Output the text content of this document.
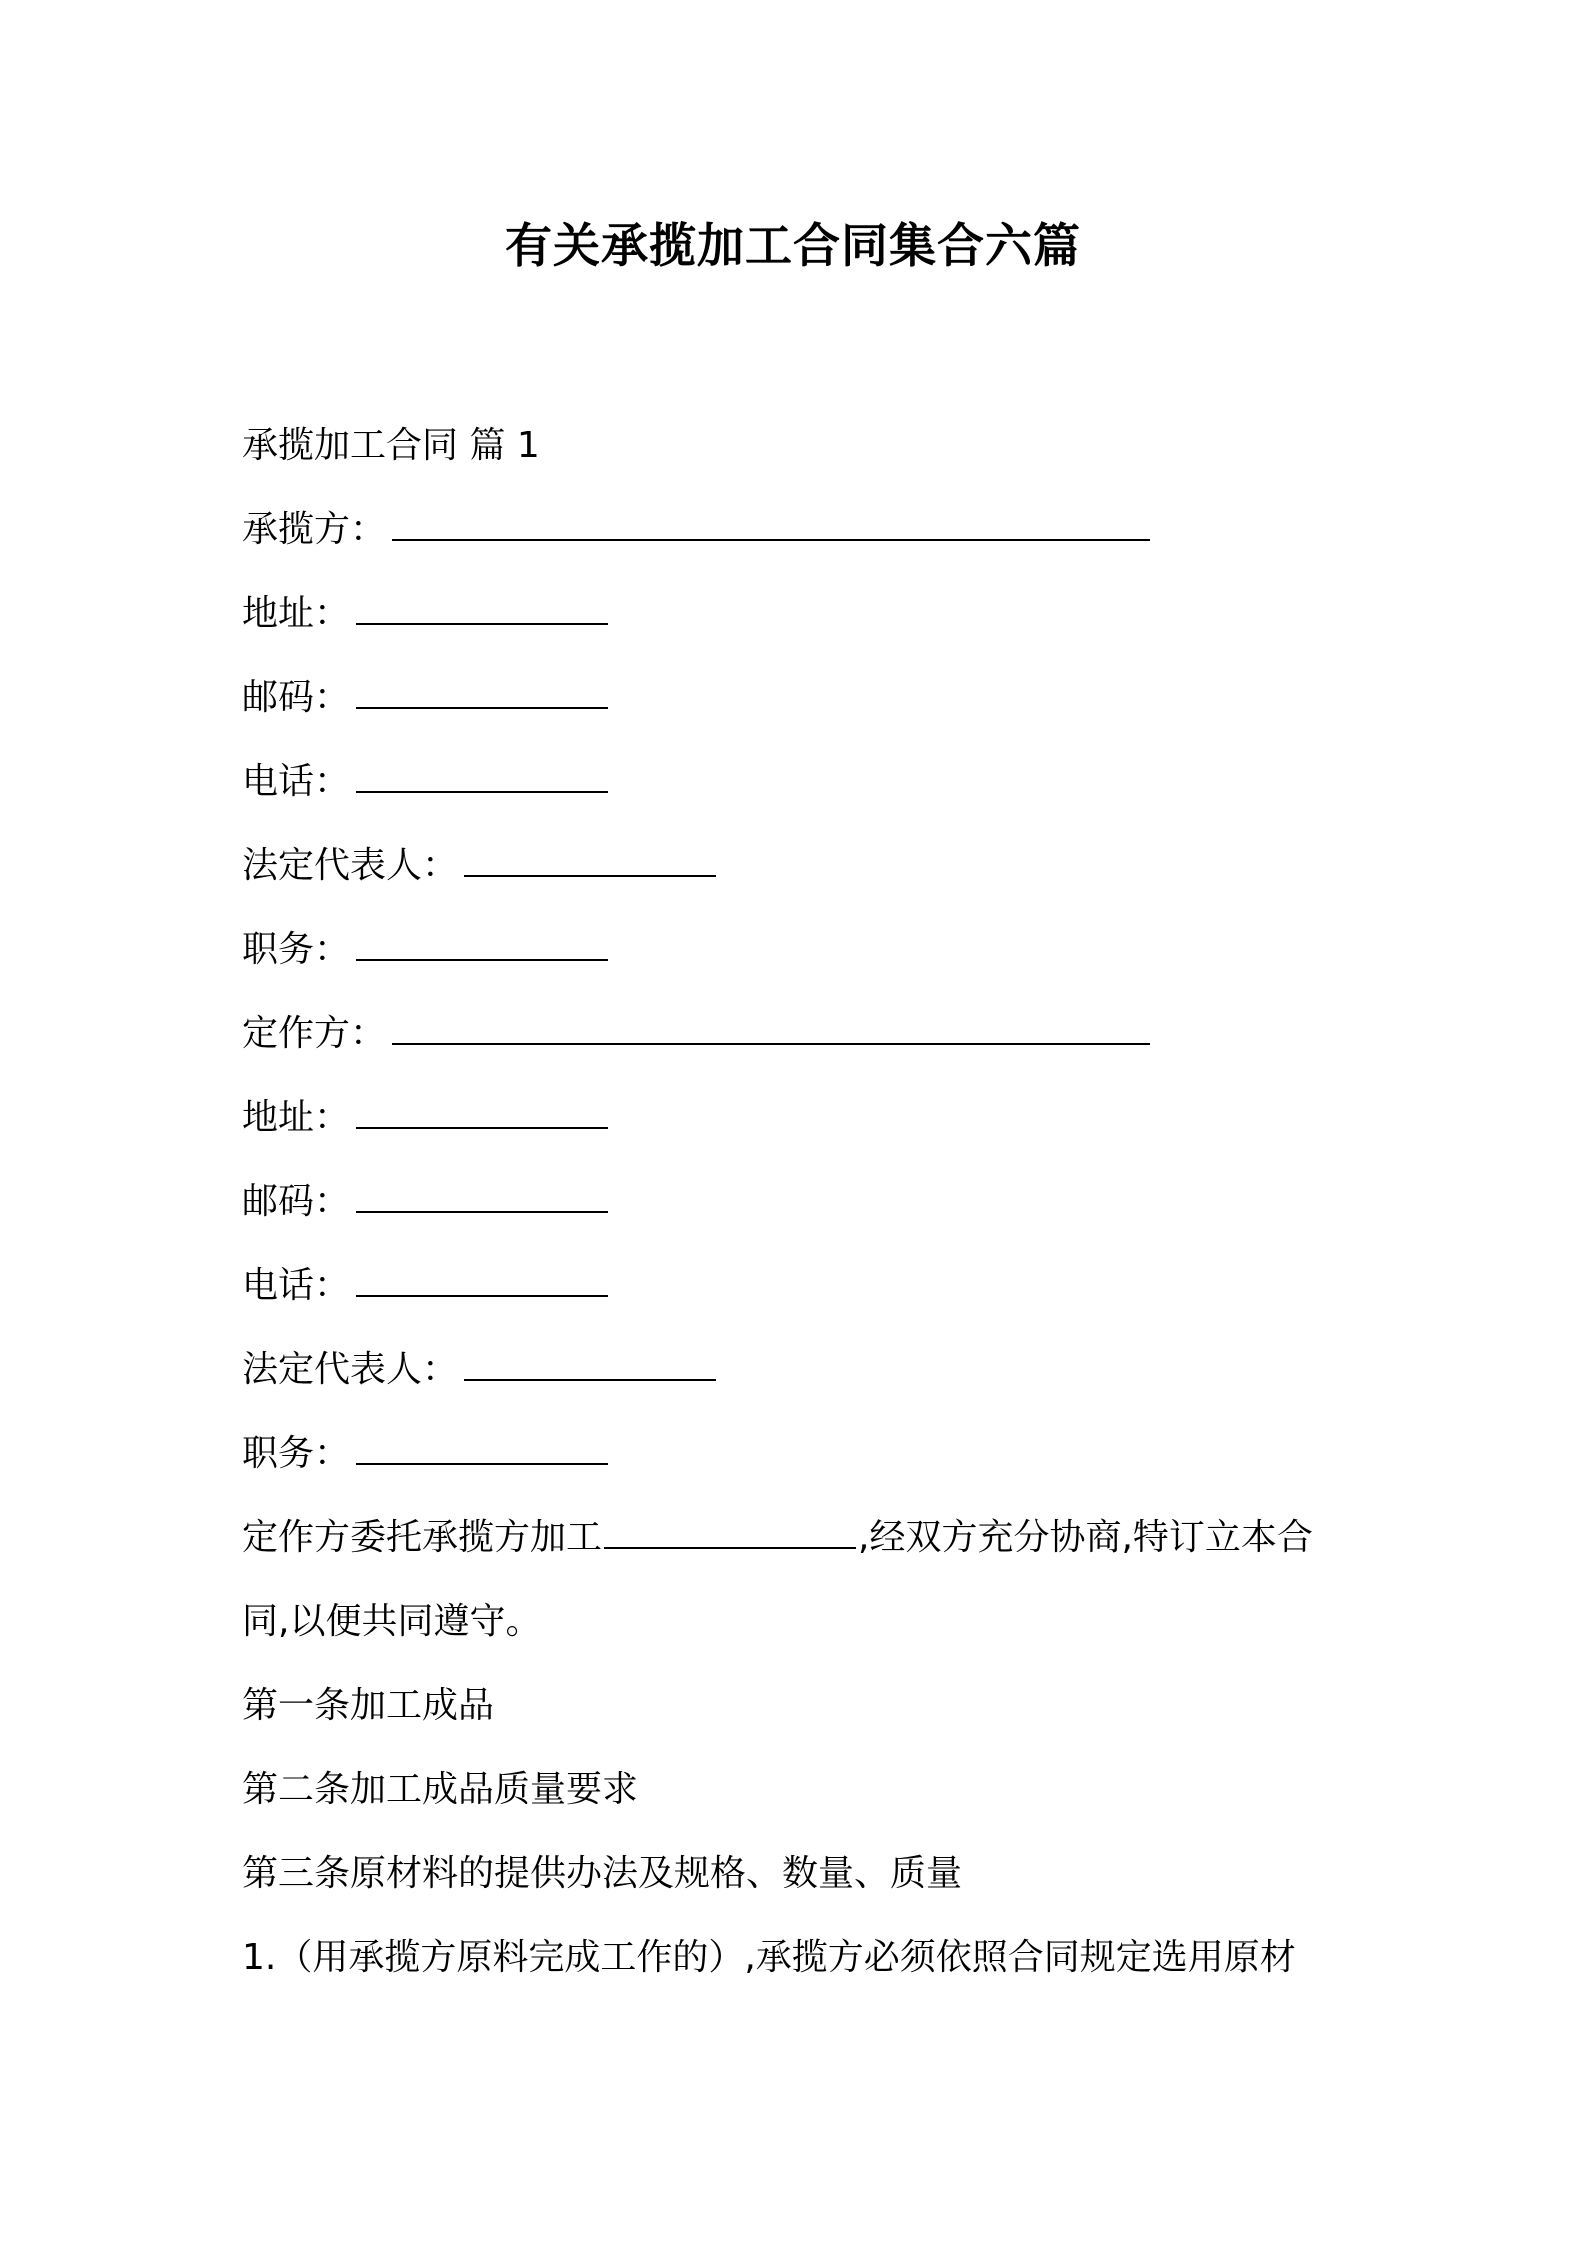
有关承揽加工合同集合六篇
承揽加工合同 篇 1
承揽方：
地址：
邮码：
电话：
法定代表人：
职务：
定作方：
地址：
邮码：
电话：
法定代表人：
职务：
定作方委托承揽方加工	,经双方充分协商,特订立本合
同,以便共同遵守。
第一条加工成品
第二条加工成品质量要求
第三条原材料的提供办法及规格、数量、质量
1.（用承揽方原料完成工作的）,承揽方必须依照合同规定选用原材
